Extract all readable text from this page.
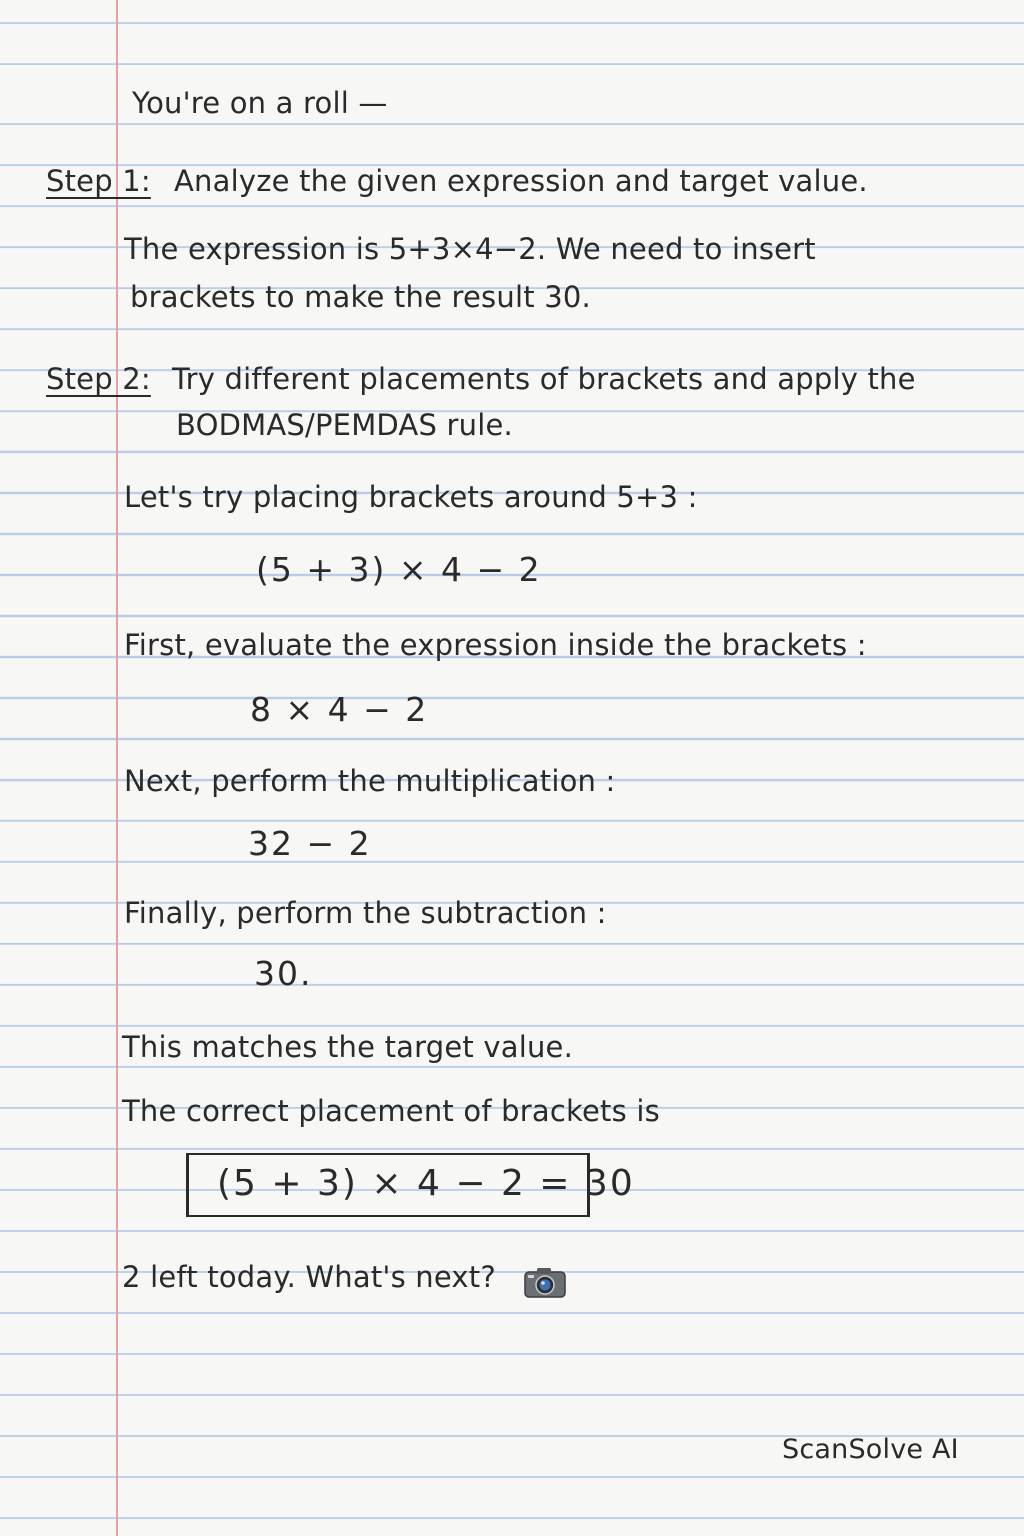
You're on a roll —
Step 1: Analyze the given expression and target value.
The expression is 5+3×4−2. We need to insert
brackets to make the result 30.
Step 2: Try different placements of brackets and apply the
BODMAS/PEMDAS rule.
Let's try placing brackets around 5+3 :
(5 + 3) × 4 − 2
First, evaluate the expression inside the brackets :
8 × 4 − 2
Next, perform the multiplication :
32 − 2
Finally, perform the subtraction :
30.
This matches the target value.
The correct placement of brackets is
(5 + 3) × 4 − 2 = 30
2 left today. What's next?
ScanSolve AI
